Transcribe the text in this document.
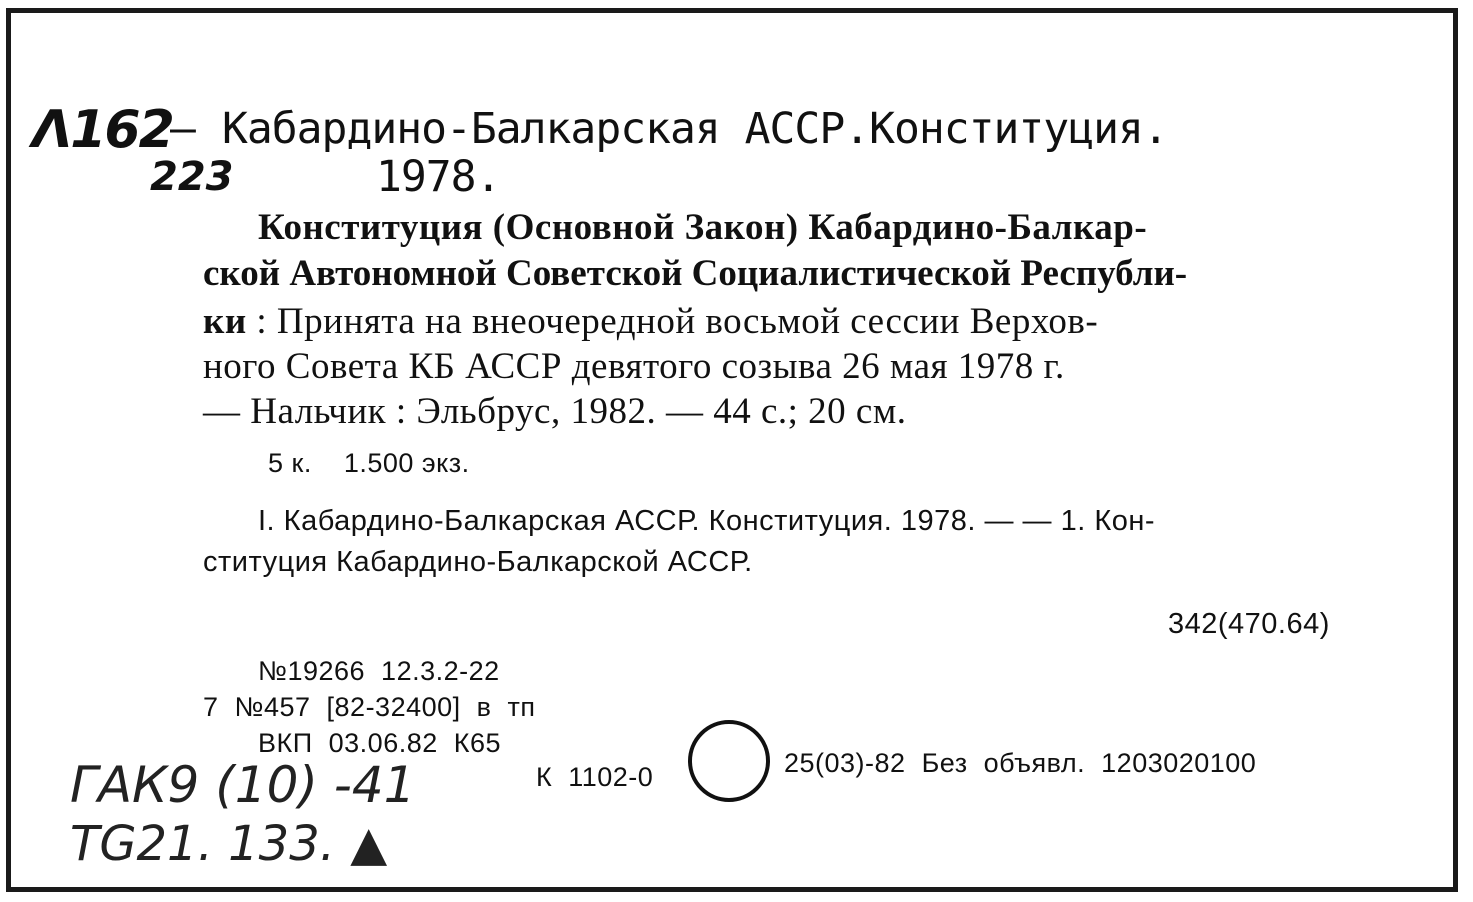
Λ162
223
— Кабардино-Балкарская АССР.Конституция.
1978.
Конституция (Основной Закон) Кабардино-Балкар-
ской Автономной Советской Социалистической Республи-
ки : Принята на внеочередной восьмой сессии Верхов-
ного Совета КБ АССР девятого созыва 26 мая 1978 г.
— Нальчик : Эльбрус, 1982. — 44 с.; 20 см.
5 к.    1.500 экз.
I. Кабардино-Балкарская АССР. Конституция. 1978. — — 1. Кон-
ституция Кабардино-Балкарской АССР.
342(470.64)
№19266  12.3.2-22
7  №457  [82-32400]  в  тп
ВКП  03.06.82  К65
К  1102-0	25(03)-82  Без  объявл.  1203020100
ГАК9 (10) -41
ТG21. 133. ▲
